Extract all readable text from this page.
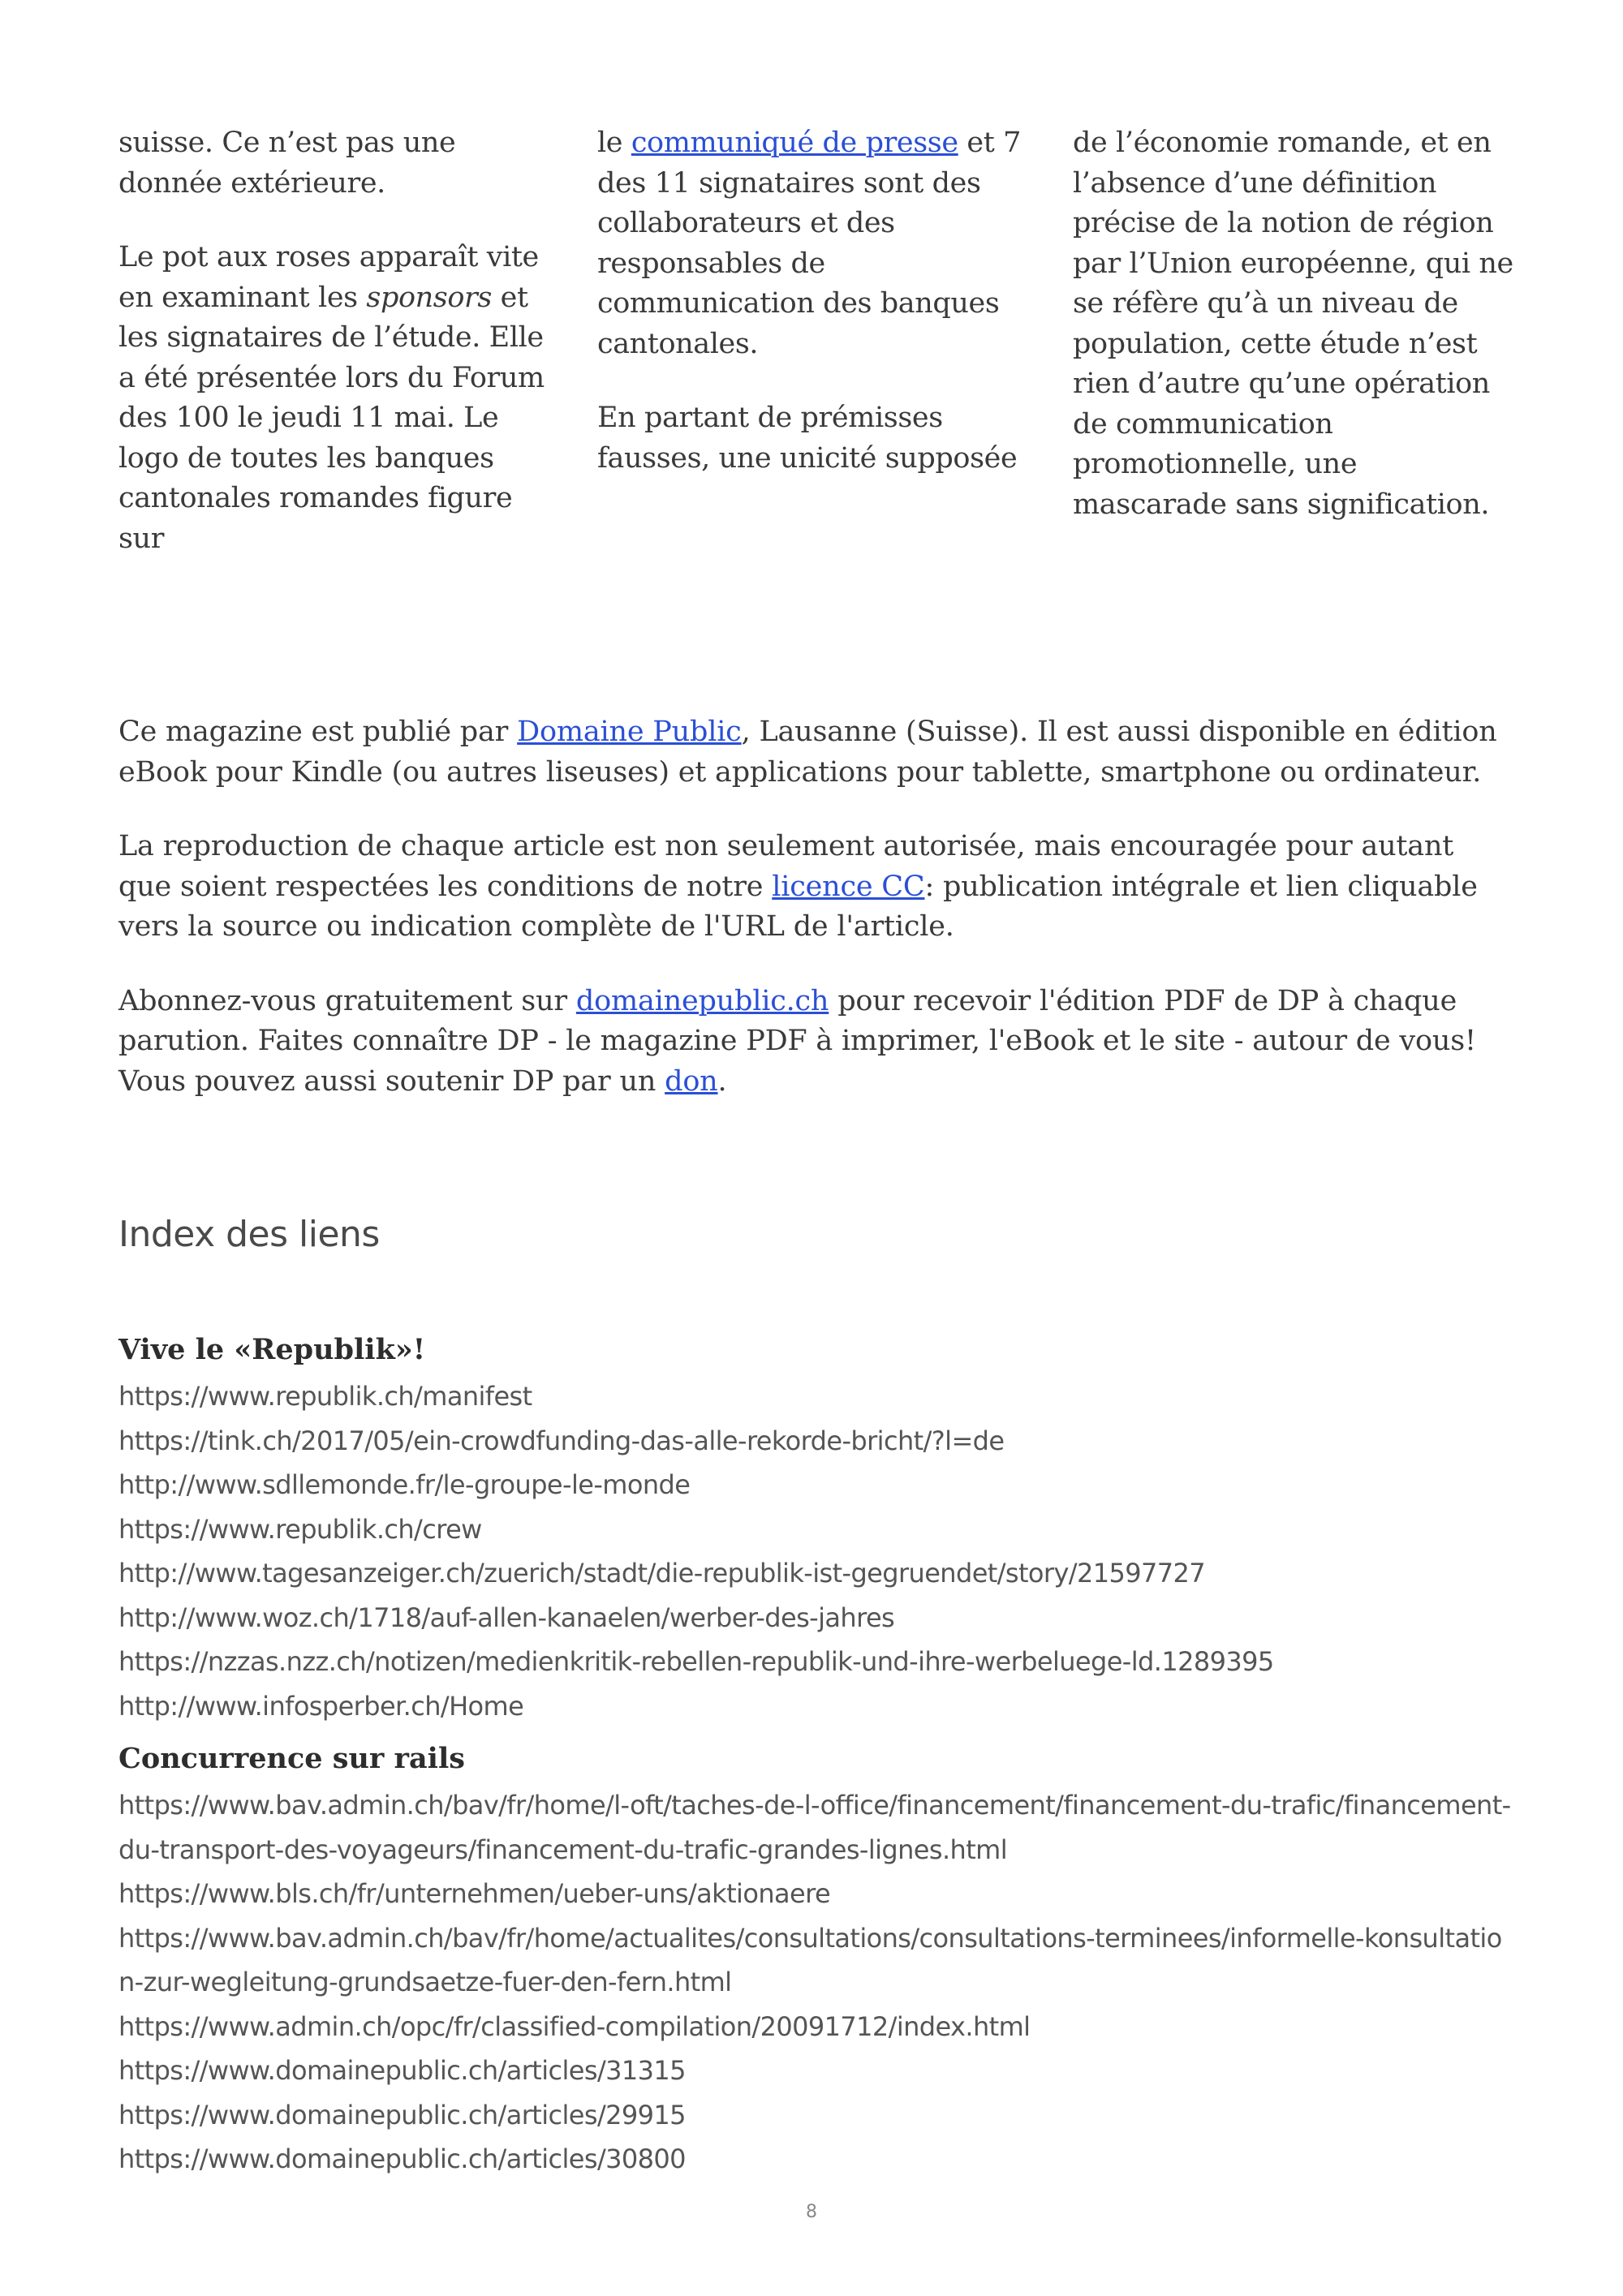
suisse. Ce n’est pas une donnée extérieure.

Le pot aux roses apparaît vite en examinant les sponsors et les signataires de l’étude. Elle a été présentée lors du Forum des 100 le jeudi 11 mai. Le logo de toutes les banques cantonales romandes figure sur

le communiqué de presse et 7 des 11 signataires sont des collaborateurs et des responsables de communication des banques cantonales.

En partant de prémisses fausses, une unicité supposée

de l’économie romande, et en l’absence d’une définition précise de la notion de région par l’Union européenne, qui ne se réfère qu’à un niveau de population, cette étude n’est rien d’autre qu’une opération de communication promotionnelle, une mascarade sans signification.

Ce magazine est publié par Domaine Public, Lausanne (Suisse). Il est aussi disponible en édition eBook pour Kindle (ou autres liseuses) et applications pour tablette, smartphone ou ordinateur.

La reproduction de chaque article est non seulement autorisée, mais encouragée pour autant que soient respectées les conditions de notre licence CC: publication intégrale et lien cliquable vers la source ou indication complète de l'URL de l'article.

Abonnez-vous gratuitement sur domainepublic.ch pour recevoir l'édition PDF de DP à chaque parution. Faites connaître DP - le magazine PDF à imprimer, l'eBook et le site - autour de vous! Vous pouvez aussi soutenir DP par un don.

Index des liens

Vive le «Republik»!

https://www.republik.ch/manifest

https://tink.ch/2017/05/ein-crowdfunding-das-alle-rekorde-bricht/?l=de

http://www.sdllemonde.fr/le-groupe-le-monde

https://www.republik.ch/crew

http://www.tagesanzeiger.ch/zuerich/stadt/die-republik-ist-gegruendet/story/21597727

http://www.woz.ch/1718/auf-allen-kanaelen/werber-des-jahres

https://nzzas.nzz.ch/notizen/medienkritik-rebellen-republik-und-ihre-werbeluege-ld.1289395

http://www.infosperber.ch/Home

Concurrence sur rails

https://www.bav.admin.ch/bav/fr/home/l-oft/taches-de-l-office/financement/financement-du-trafic/financement-du-transport-des-voyageurs/financement-du-trafic-grandes-lignes.html

https://www.bls.ch/fr/unternehmen/ueber-uns/aktionaere

https://www.bav.admin.ch/bav/fr/home/actualites/consultations/consultations-terminees/informelle-konsultation-zur-wegleitung-grundsaetze-fuer-den-fern.html

https://www.admin.ch/opc/fr/classified-compilation/20091712/index.html

https://www.domainepublic.ch/articles/31315

https://www.domainepublic.ch/articles/29915

https://www.domainepublic.ch/articles/30800

8
